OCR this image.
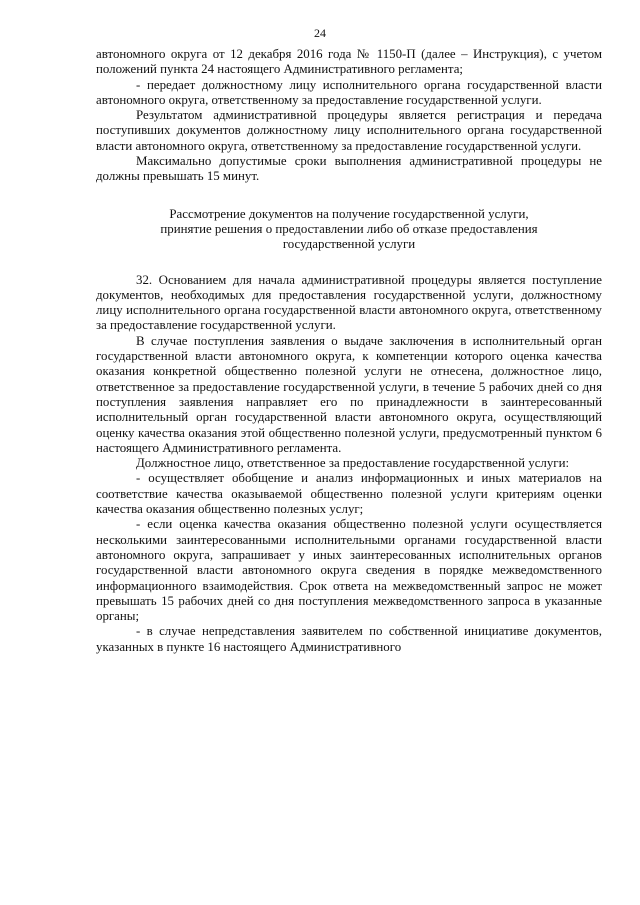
24

автономного округа от 12 декабря 2016 года № 1150-П (далее – Инструкция), с учетом положений пункта 24 настоящего Административного регламента;

- передает должностному лицу исполнительного органа государственной власти автономного округа, ответственному за предоставление государственной услуги.

Результатом административной процедуры является регистрация и передача поступивших документов должностному лицу исполнительного органа государственной власти автономного округа, ответственному за предоставление государственной услуги.

Максимально допустимые сроки выполнения административной процедуры не должны превышать 15 минут.

Рассмотрение документов на получение государственной услуги,
принятие решения о предоставлении либо об отказе предоставления
государственной услуги

32. Основанием для начала административной процедуры является поступление документов, необходимых для предоставления государственной услуги, должностному лицу исполнительного органа государственной власти автономного округа, ответственному за предоставление государственной услуги.

В случае поступления заявления о выдаче заключения в исполнительный орган государственной власти автономного округа, к компетенции которого оценка качества оказания конкретной общественно полезной услуги не отнесена, должностное лицо, ответственное за предоставление государственной услуги, в течение 5 рабочих дней со дня поступления заявления направляет его по принадлежности в заинтересованный исполнительный орган государственной власти автономного округа, осуществляющий оценку качества оказания этой общественно полезной услуги, предусмотренный пунктом 6 настоящего Административного регламента.

Должностное лицо, ответственное за предоставление государственной услуги:

- осуществляет обобщение и анализ информационных и иных материалов на соответствие качества оказываемой общественно полезной услуги критериям оценки качества оказания общественно полезных услуг;

- если оценка качества оказания общественно полезной услуги осуществляется несколькими заинтересованными исполнительными органами государственной власти автономного округа, запрашивает у иных заинтересованных исполнительных органов государственной власти автономного округа сведения в порядке межведомственного информационного взаимодействия. Срок ответа на межведомственный запрос не может превышать 15 рабочих дней со дня поступления межведомственного запроса в указанные органы;

- в случае непредставления заявителем по собственной инициативе документов, указанных в пункте 16 настоящего Административного
